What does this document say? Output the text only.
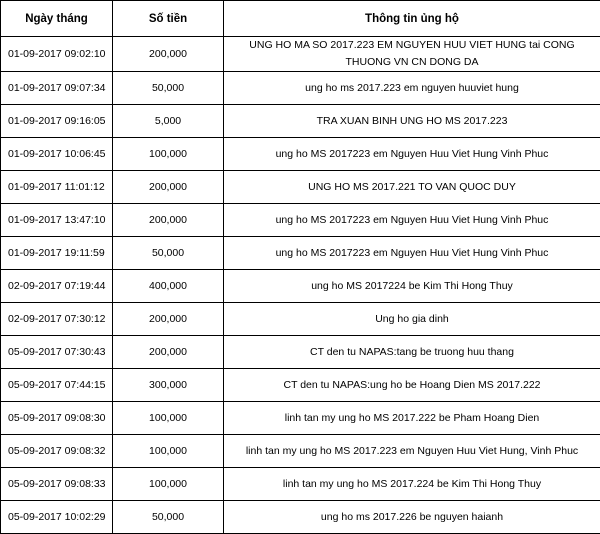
Ngày tháng	Số tiền	Thông tin ủng hộ
01-09-2017 09:02:10	200,000	UNG HO MA SO 2017.223 EM NGUYEN HUU VIET HUNG tai CONG THUONG VN CN DONG DA
01-09-2017 09:07:34	50,000	ung ho ms 2017.223 em nguyen huuviet hung
01-09-2017 09:16:05	5,000	TRA XUAN BINH UNG HO MS 2017.223
01-09-2017 10:06:45	100,000	ung ho MS 2017223 em Nguyen Huu Viet Hung Vinh Phuc
01-09-2017 11:01:12	200,000	UNG HO MS 2017.221 TO VAN QUOC DUY
01-09-2017 13:47:10	200,000	ung ho MS 2017223 em Nguyen Huu Viet Hung Vinh Phuc
01-09-2017 19:11:59	50,000	ung ho MS 2017223 em Nguyen Huu Viet Hung Vinh Phuc
02-09-2017 07:19:44	400,000	ung ho MS 2017224 be Kim Thi Hong Thuy
02-09-2017 07:30:12	200,000	Ung ho gia dinh
05-09-2017 07:30:43	200,000	CT den tu NAPAS:tang be truong huu thang
05-09-2017 07:44:15	300,000	CT den tu NAPAS:ung ho be Hoang Dien MS 2017.222
05-09-2017 09:08:30	100,000	linh tan my ung ho MS 2017.222 be Pham Hoang Dien
05-09-2017 09:08:32	100,000	linh tan my ung ho MS 2017.223 em Nguyen Huu Viet Hung, Vinh Phuc
05-09-2017 09:08:33	100,000	linh tan my ung ho MS 2017.224 be Kim Thi Hong Thuy
05-09-2017 10:02:29	50,000	ung ho ms 2017.226 be nguyen haianh
